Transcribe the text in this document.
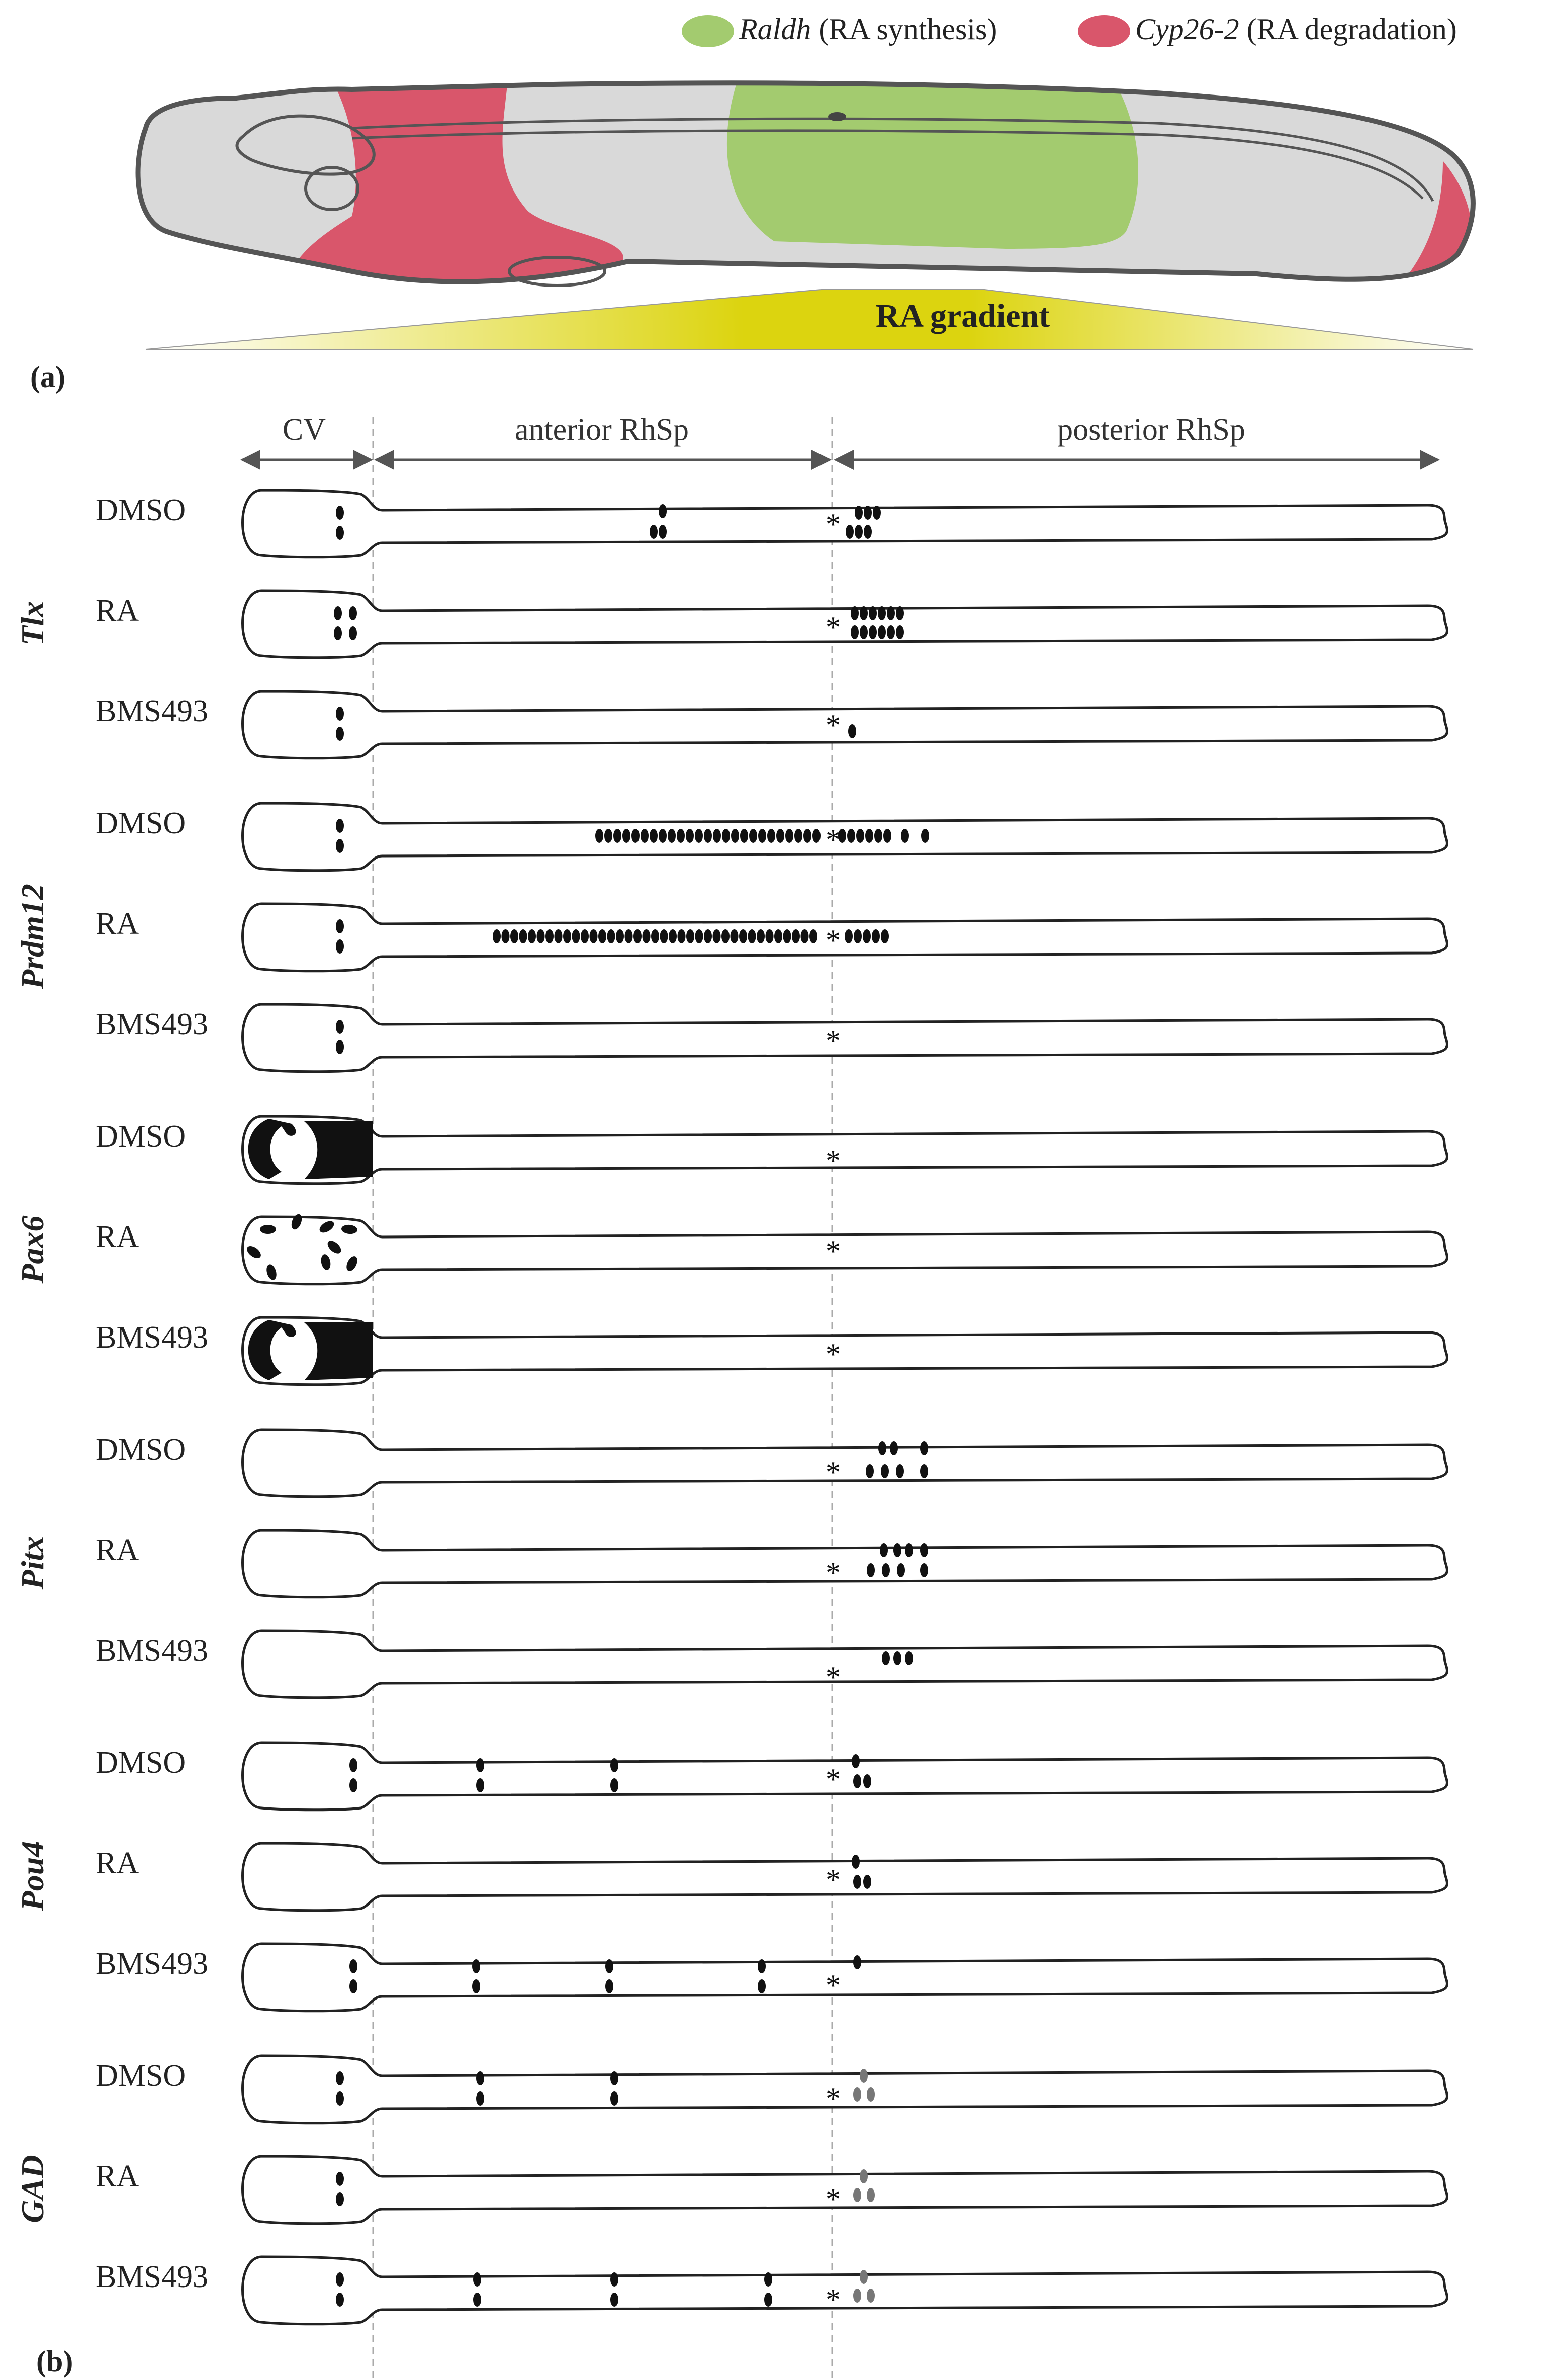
Raldh (RA synthesis)	Cyp26-2 (RA degradation)
RA gradient
(a)
CV	anterior RhSp	posterior RhSp
Tlx
DMSO	*
RA	*
BMS493	*
Prdm12
DMSO	*
RA	*
BMS493	*
Pax6
DMSO
*
RA	*
BMS493	*
Pitx
DMSO
*
RA
*
BMS493
*
Pou4
DMSO	*
RA	*
BMS493
*
GAD
DMSO
*
RA
*
BMS493
*
(b)
